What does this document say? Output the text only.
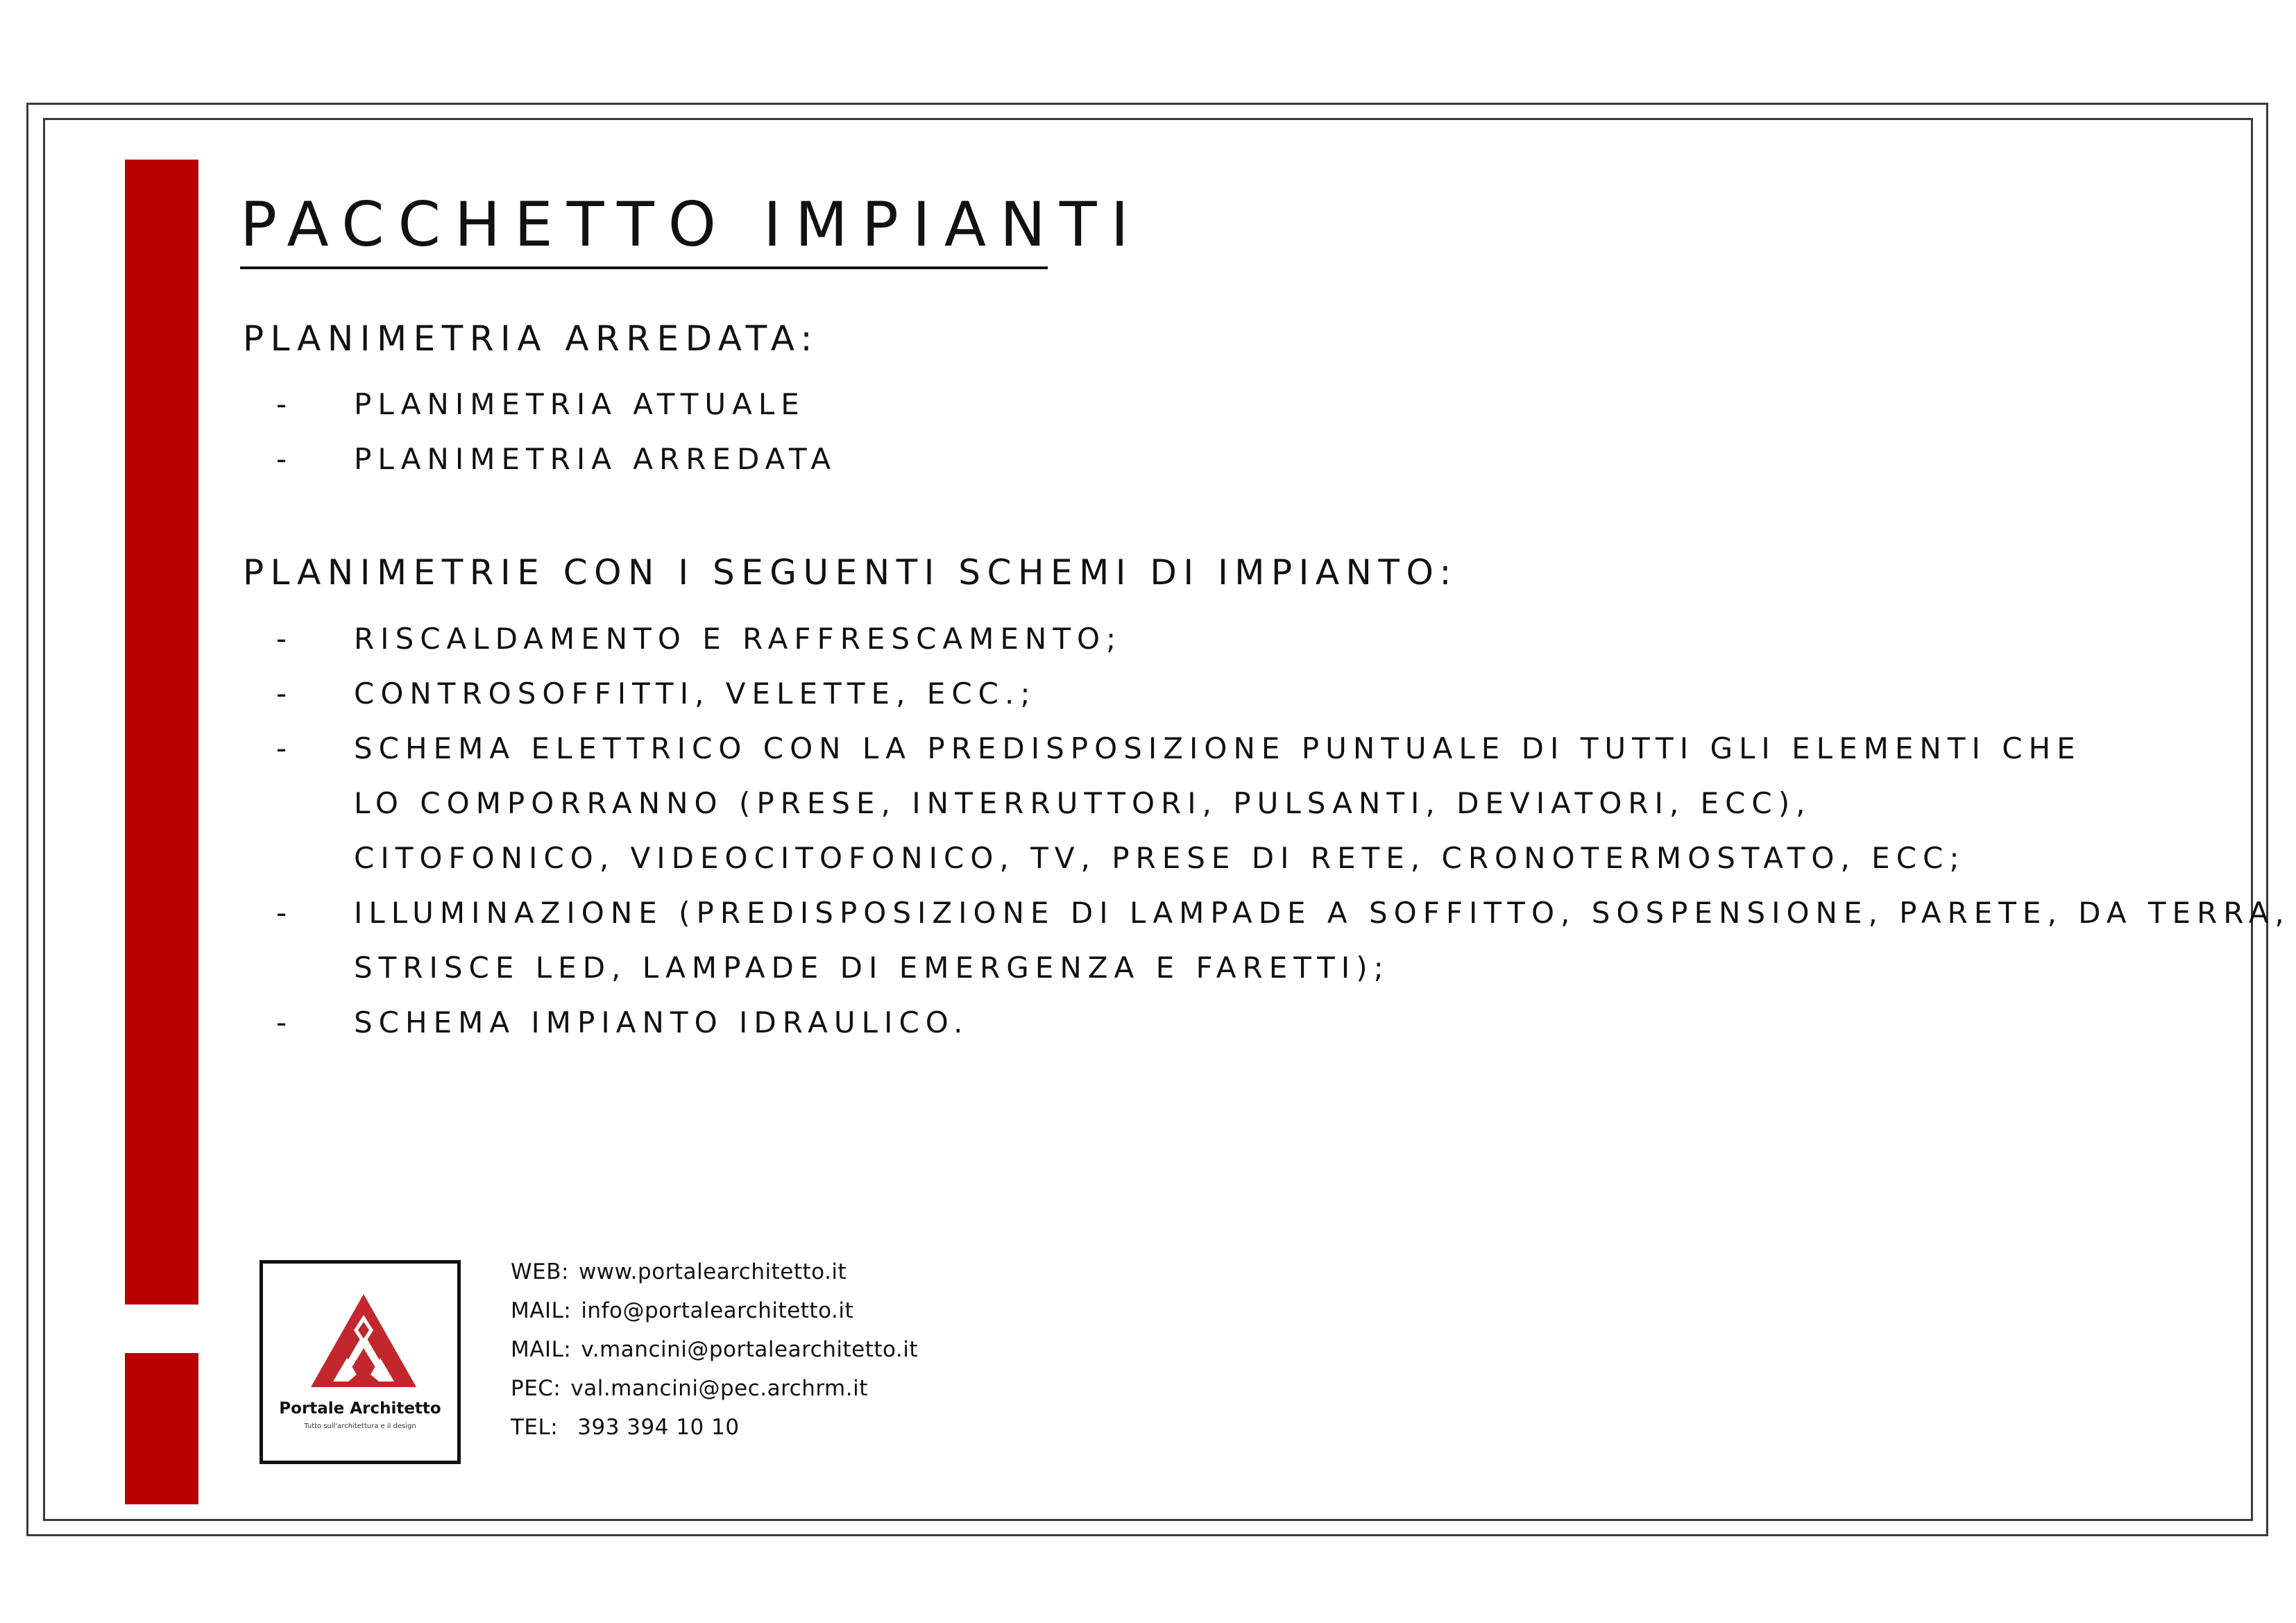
PACCHETTO IMPIANTI
PLANIMETRIA ARREDATA:
- PLANIMETRIA ATTUALE
- PLANIMETRIA ARREDATA
PLANIMETRIE CON I SEGUENTI SCHEMI DI IMPIANTO:
- RISCALDAMENTO E RAFFRESCAMENTO;
- CONTROSOFFITTI, VELETTE, ECC.;
- SCHEMA ELETTRICO CON LA PREDISPOSIZIONE PUNTUALE DI TUTTI GLI ELEMENTI CHE
LO COMPORRANNO (PRESE, INTERRUTTORI, PULSANTI, DEVIATORI, ECC),
CITOFONICO, VIDEOCITOFONICO, TV, PRESE DI RETE, CRONOTERMOSTATO, ECC;
- ILLUMINAZIONE (PREDISPOSIZIONE DI LAMPADE A SOFFITTO, SOSPENSIONE, PARETE, DA TERRA,
STRISCE LED, LAMPADE DI EMERGENZA E FARETTI);
- SCHEMA IMPIANTO IDRAULICO.
Portale Architetto
Tutto sull'architettura e il design
WEB: www.portalearchitetto.it
MAIL: info@portalearchitetto.it
MAIL: v.mancini@portalearchitetto.it
PEC: val.mancini@pec.archrm.it
TEL: 393 394 10 10
